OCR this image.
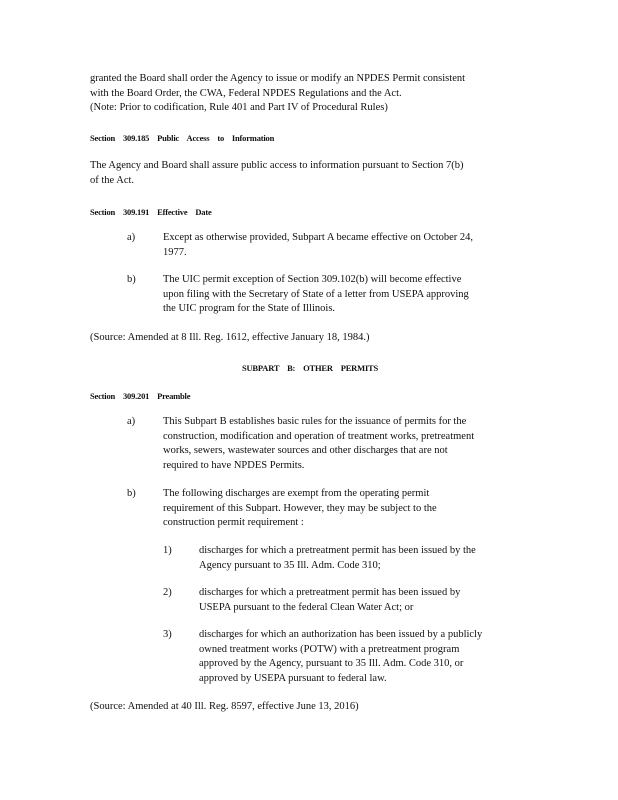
granted the Board shall order the Agency to issue or modify an NPDES Permit consistent

with the Board Order, the CWA, Federal NPDES Regulations and the Act.

(Note: Prior to codification, Rule 401 and Part IV of Procedural Rules)

Section 309.185 Public Access to Information

The Agency and Board shall assure public access to information pursuant to Section 7(b)

of the Act.

Section 309.191 Effective Date
a)	Except as otherwise provided, Subpart A became effective on October 24,

1977.

b)	The UIC permit exception of Section 309.102(b) will become effective

upon filing with the Secretary of State of a letter from USEPA approving

the UIC program for the State of Illinois.

(Source: Amended at 8 Ill. Reg. 1612, effective January 18, 1984.)
SUBPART B: OTHER PERMITS
Section 309.201 Preamble
a)	This Subpart B establishes basic rules for the issuance of permits for the

construction, modification and operation of treatment works, pretreatment

works, sewers, wastewater sources and other discharges that are not

required to have NPDES Permits.

b)	The following discharges are exempt from the operating permit

requirement of this Subpart. However, they may be subject to the

construction permit requirement :

1)	discharges for which a pretreatment permit has been issued by the

Agency pursuant to 35 Ill. Adm. Code 310;

2)	discharges for which a pretreatment permit has been issued by

USEPA pursuant to the federal Clean Water Act; or

3)	discharges for which an authorization has been issued by a publicly

owned treatment works (POTW) with a pretreatment program

approved by the Agency, pursuant to 35 Ill. Adm. Code 310, or

approved by USEPA pursuant to federal law.

(Source: Amended at 40 Ill. Reg. 8597, effective June 13, 2016)
